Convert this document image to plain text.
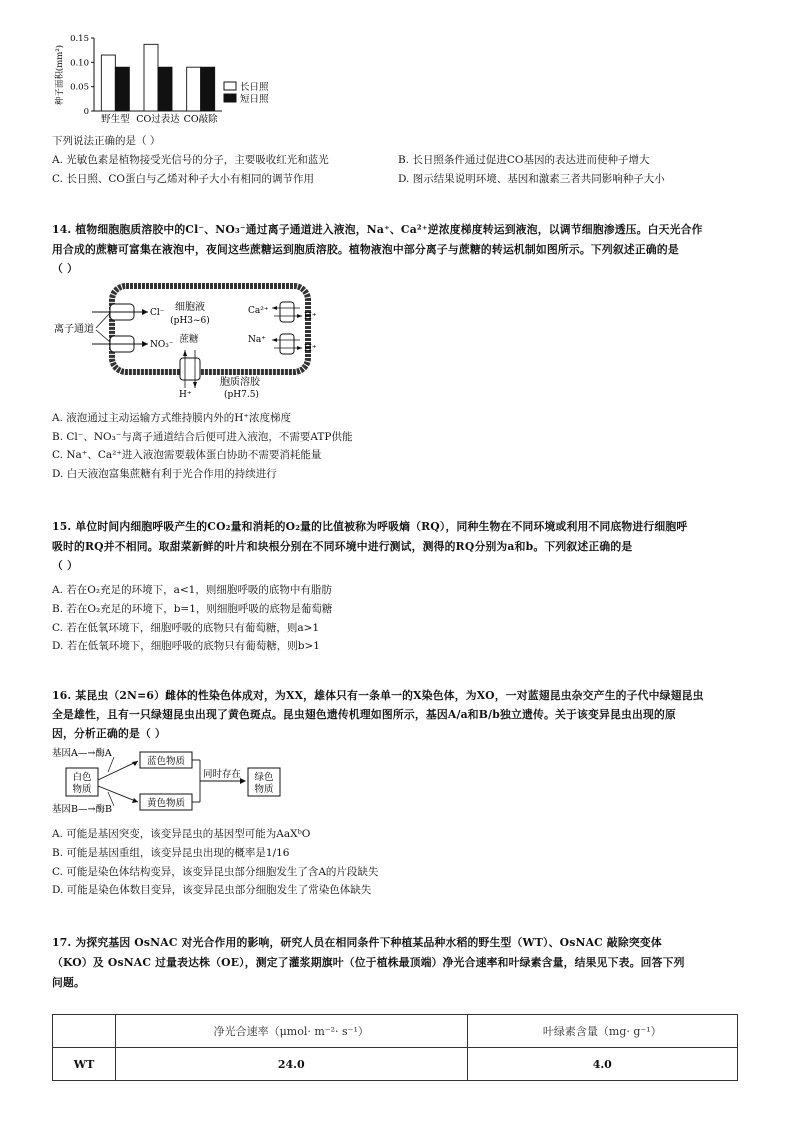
种子面积(mm²)
0
0.05
0.10
0.15
野生型 CO过表达 CO敲除
长日照
短日照
下列说法正确的是（ ）
A. 光敏色素是植物接受光信号的分子，主要吸收红光和蓝光	B. 长日照条件通过促进CO基因的表达进而使种子增大
C. 长日照、CO蛋白与乙烯对种子大小有相同的调节作用	D. 图示结果说明环境、基因和激素三者共同影响种子大小
14. 植物细胞胞质溶胶中的Cl⁻、NO₃⁻通过离子通道进入液泡，Na⁺、Ca²⁺逆浓度梯度转运到液泡，以调节细胞渗透压。白天光合作
用合成的蔗糖可富集在液泡中，夜间这些蔗糖运到胞质溶胶。植物液泡中部分离子与蔗糖的转运机制如图所示。下列叙述正确的是
（ ）
离子通道
Cl⁻
NO₃⁻
细胞液
(pH3~6)
Ca²⁺
H⁺
Na⁺
H⁺
蔗糖
H⁺
胞质溶胶
(pH7.5)
A. 液泡通过主动运输方式维持膜内外的H⁺浓度梯度
B. Cl⁻、NO₃⁻与离子通道结合后便可进入液泡，不需要ATP供能
C. Na⁺、Ca²⁺进入液泡需要载体蛋白协助不需要消耗能量
D. 白天液泡富集蔗糖有利于光合作用的持续进行
15. 单位时间内细胞呼吸产生的CO₂量和消耗的O₂量的比值被称为呼吸熵（RQ），同种生物在不同环境或利用不同底物进行细胞呼
吸时的RQ并不相同。取甜菜新鲜的叶片和块根分别在不同环境中进行测试，测得的RQ分别为a和b。下列叙述正确的是
（ ）
A. 若在O₂充足的环境下，a<1，则细胞呼吸的底物中有脂肪
B. 若在O₂充足的环境下，b=1，则细胞呼吸的底物是葡萄糖
C. 若在低氧环境下，细胞呼吸的底物只有葡萄糖，则a>1
D. 若在低氧环境下，细胞呼吸的底物只有葡萄糖，则b>1
16. 某昆虫（2N=6）雌体的性染色体成对，为XX，雄体只有一条单一的X染色体，为XO，一对蓝翅昆虫杂交产生的子代中绿翅昆虫
全是雄性，且有一只绿翅昆虫出现了黄色斑点。昆虫翅色遗传机理如图所示，基因A/a和B/b独立遗传。关于该变异昆虫出现的原
因，分析正确的是（ ）
基因A—→酶A
基因B—→酶B
白色
物质
蓝色物质
黄色物质
同时存在 绿色
物质
A. 可能是基因突变，该变异昆虫的基因型可能为AaXᵇO
B. 可能是基因重组，该变异昆虫出现的概率是1/16
C. 可能是染色体结构变异，该变异昆虫部分细胞发生了含A的片段缺失
D. 可能是染色体数目变异，该变异昆虫部分细胞发生了常染色体缺失
17. 为探究基因 OsNAC 对光合作用的影响，研究人员在相同条件下种植某品种水稻的野生型（WT）、OsNAC 敲除突变体
（KO）及 OsNAC 过量表达株（OE），测定了灌浆期旗叶（位于植株最顶端）净光合速率和叶绿素含量，结果见下表。回答下列
问题。
	净光合速率（μmol· m⁻²· s⁻¹）	叶绿素含量（mg· g⁻¹）
WT	24.0	4.0
